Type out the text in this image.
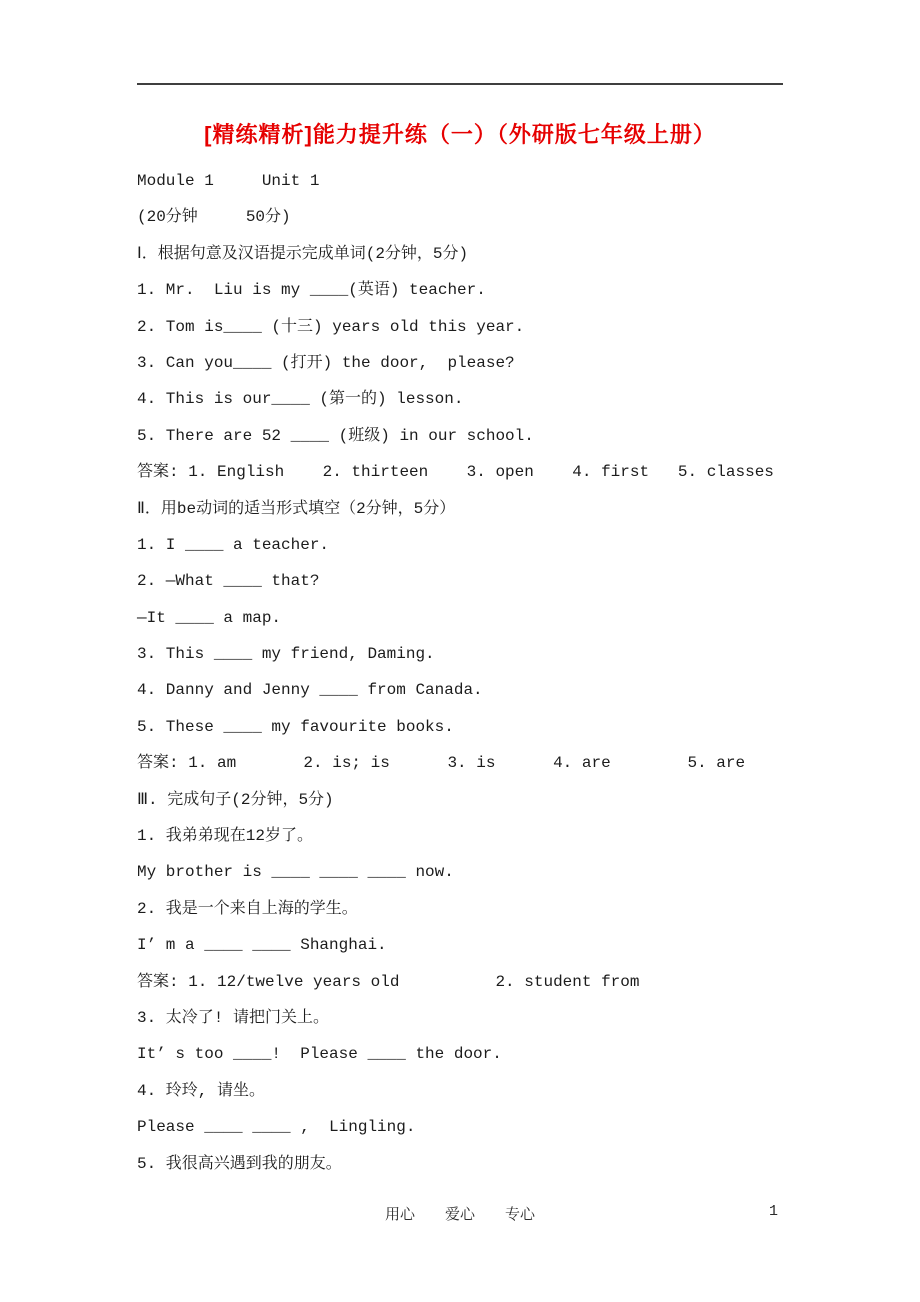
[精练精析]能力提升练（一）（外研版七年级上册）

Module 1     Unit 1

(20分钟     50分)

Ⅰ．根据句意及汉语提示完成单词(2分钟，5分)

1. Mr.  Liu is my ____(英语) teacher.

2. Tom is____ (十三) years old this year.

3. Can you____ (打开) the door,  please?

4. This is our____ (第一的) lesson.

5. There are 52 ____ (班级) in our school.

答案: 1. English    2. thirteen    3. open    4. first   5. classes

Ⅱ．用be动词的适当形式填空（2分钟，5分）

1. I ____ a teacher.

2. —What ____ that?

—It ____ a map.

3. This ____ my friend, Daming.

4. Danny and Jenny ____ from Canada.

5. These ____ my favourite books.

答案: 1. am       2. is; is      3. is      4. are        5. are

Ⅲ. 完成句子(2分钟，5分)

1. 我弟弟现在12岁了。

My brother is ____ ____ ____ now.

2. 我是一个来自上海的学生。

I’ m a ____ ____ Shanghai.

答案: 1. 12/twelve years old          2. student from

3. 太冷了! 请把门关上。

It’ s too ____!  Please ____ the door.

4. 玲玲, 请坐。

Please ____ ____ ,  Lingling.

5. 我很高兴遇到我的朋友。

用心 爱心 专心	1
